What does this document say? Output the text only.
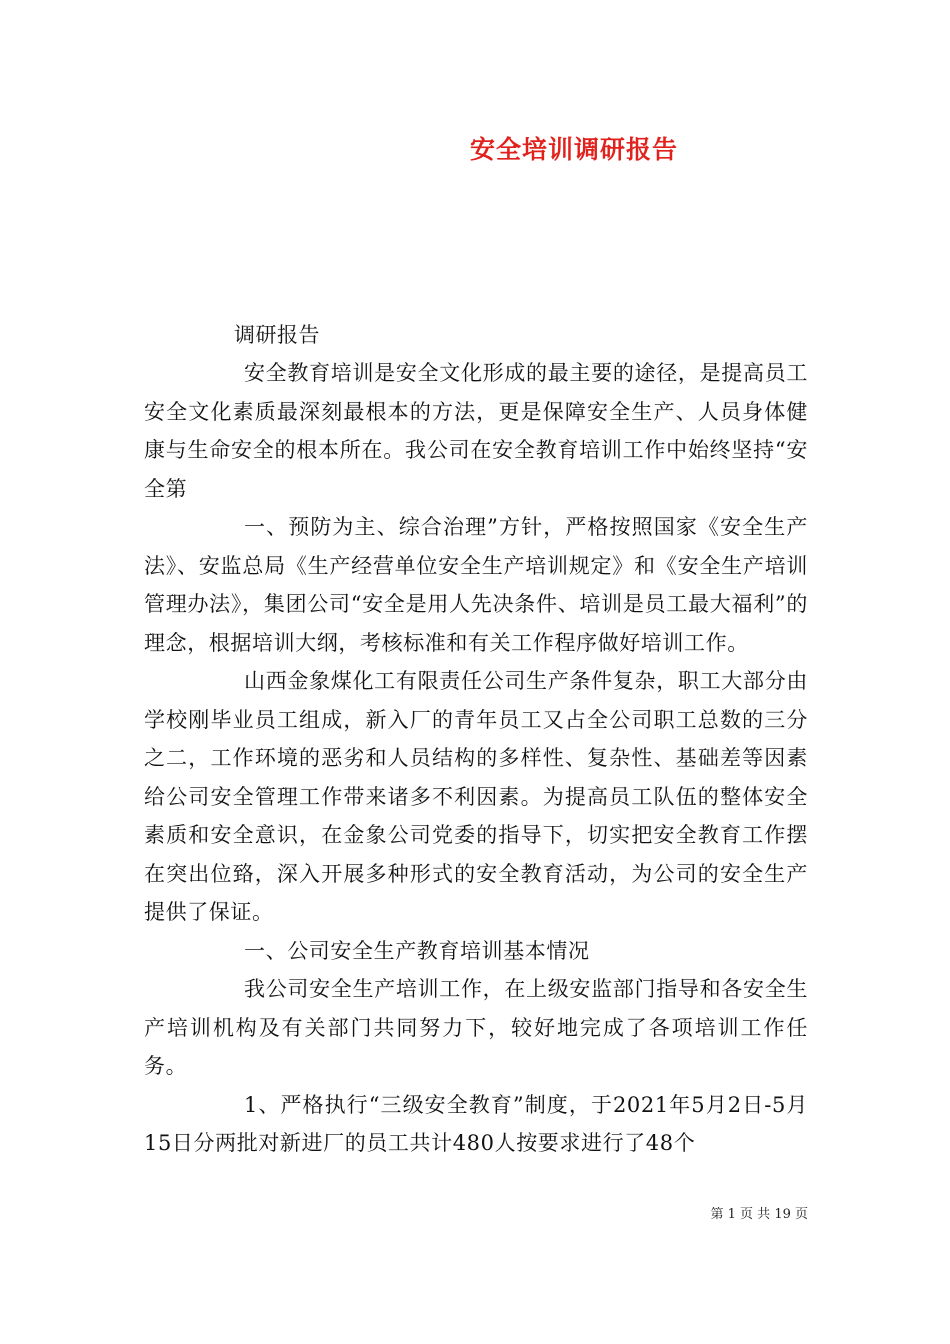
安全培训调研报告

调研报告

安全教育培训是安全文化形成的最主要的途径，是提高员工安全文化素质最深刻最根本的方法，更是保障安全生产、人员身体健康与生命安全的根本所在。我公司在安全教育培训工作中始终坚持“安全第

一、预防为主、综合治理”方针，严格按照国家《安全生产法》、安监总局《生产经营单位安全生产培训规定》和《安全生产培训管理办法》，集团公司“安全是用人先决条件、培训是员工最大福利”的理念，根据培训大纲，考核标准和有关工作程序做好培训工作。

山西金象煤化工有限责任公司生产条件复杂，职工大部分由学校刚毕业员工组成，新入厂的青年员工又占全公司职工总数的三分之二，工作环境的恶劣和人员结构的多样性、复杂性、基础差等因素给公司安全管理工作带来诸多不利因素。为提高员工队伍的整体安全素质和安全意识，在金象公司党委的指导下，切实把安全教育工作摆在突出位臵，深入开展多种形式的安全教育活动，为公司的安全生产提供了保证。

一、公司安全生产教育培训基本情况

我公司安全生产培训工作，在上级安监部门指导和各安全生产培训机构及有关部门共同努力下，较好地完成了各项培训工作任务。

1、严格执行“三级安全教育”制度，于2021年5月2日-5月15日分两批对新进厂的员工共计480人按要求进行了48个

第 1 页 共 19 页
